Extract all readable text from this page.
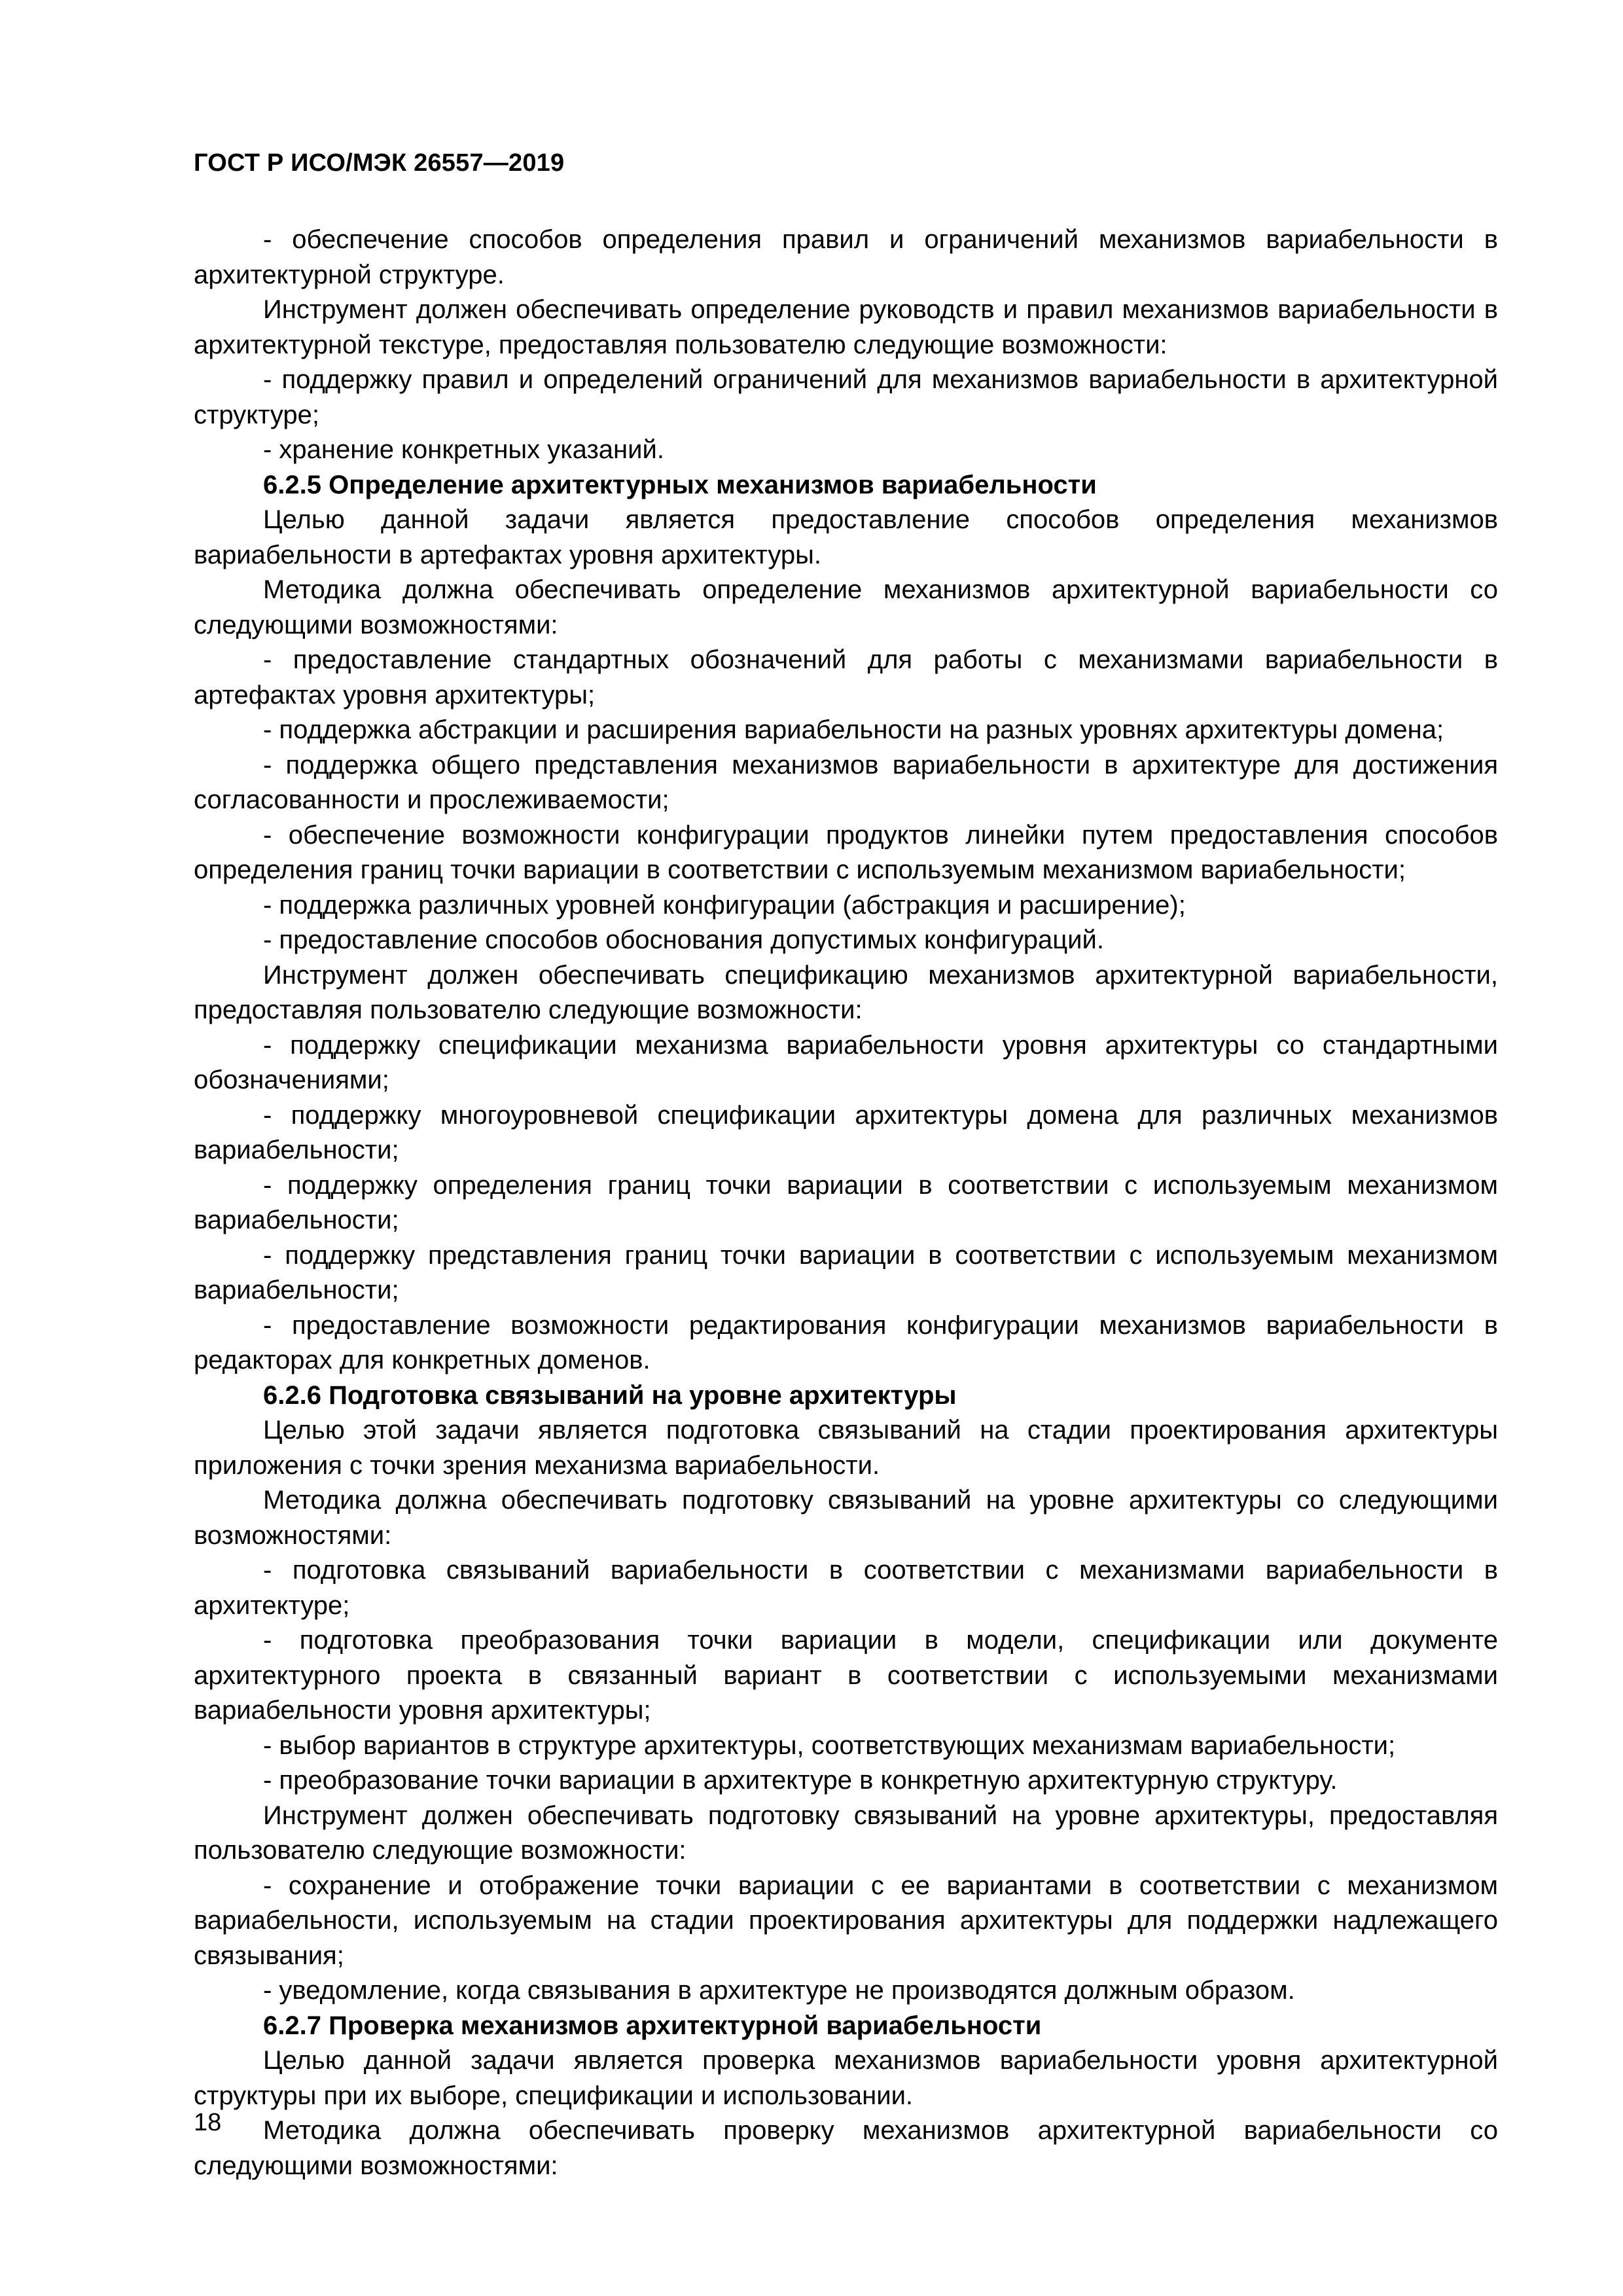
ГОСТ Р ИСО/МЭК 26557—2019

- обеспечение способов определения правил и ограничений механизмов вариабельности в архитектурной структуре.

Инструмент должен обеспечивать определение руководств и правил механизмов вариабельности в архитектурной текстуре, предоставляя пользователю следующие возможности:

- поддержку правил и определений ограничений для механизмов вариабельности в архитектурной структуре;

- хранение конкретных указаний.

6.2.5 Определение архитектурных механизмов вариабельности

Целью данной задачи является предоставление способов определения механизмов вариабельности в артефактах уровня архитектуры.

Методика должна обеспечивать определение механизмов архитектурной вариабельности со следующими возможностями:

- предоставление стандартных обозначений для работы с механизмами вариабельности в артефактах уровня архитектуры;

- поддержка абстракции и расширения вариабельности на разных уровнях архитектуры домена;

- поддержка общего представления механизмов вариабельности в архитектуре для достижения согласованности и прослеживаемости;

- обеспечение возможности конфигурации продуктов линейки путем предоставления способов определения границ точки вариации в соответствии с используемым механизмом вариабельности;

- поддержка различных уровней конфигурации (абстракция и расширение);

- предоставление способов обоснования допустимых конфигураций.

Инструмент должен обеспечивать спецификацию механизмов архитектурной вариабельности, предоставляя пользователю следующие возможности:

- поддержку спецификации механизма вариабельности уровня архитектуры со стандартными обозначениями;

- поддержку многоуровневой спецификации архитектуры домена для различных механизмов вариабельности;

- поддержку определения границ точки вариации в соответствии с используемым механизмом вариабельности;

- поддержку представления границ точки вариации в соответствии с используемым механизмом вариабельности;

- предоставление возможности редактирования конфигурации механизмов вариабельности в редакторах для конкретных доменов.

6.2.6 Подготовка связываний на уровне архитектуры

Целью этой задачи является подготовка связываний на стадии проектирования архитектуры приложения с точки зрения механизма вариабельности.

Методика должна обеспечивать подготовку связываний на уровне архитектуры со следующими возможностями:

- подготовка связываний вариабельности в соответствии с механизмами вариабельности в архитектуре;

- подготовка преобразования точки вариации в модели, спецификации или документе архитектурного проекта в связанный вариант в соответствии с используемыми механизмами вариабельности уровня архитектуры;

- выбор вариантов в структуре архитектуры, соответствующих механизмам вариабельности;

- преобразование точки вариации в архитектуре в конкретную архитектурную структуру.

Инструмент должен обеспечивать подготовку связываний на уровне архитектуры, предоставляя пользователю следующие возможности:

- сохранение и отображение точки вариации с ее вариантами в соответствии с механизмом вариабельности, используемым на стадии проектирования архитектуры для поддержки надлежащего связывания;

- уведомление, когда связывания в архитектуре не производятся должным образом.

6.2.7 Проверка механизмов архитектурной вариабельности

Целью данной задачи является проверка механизмов вариабельности уровня архитектурной структуры при их выборе, спецификации и использовании.

Методика должна обеспечивать проверку механизмов архитектурной вариабельности со следующими возможностями:

18
